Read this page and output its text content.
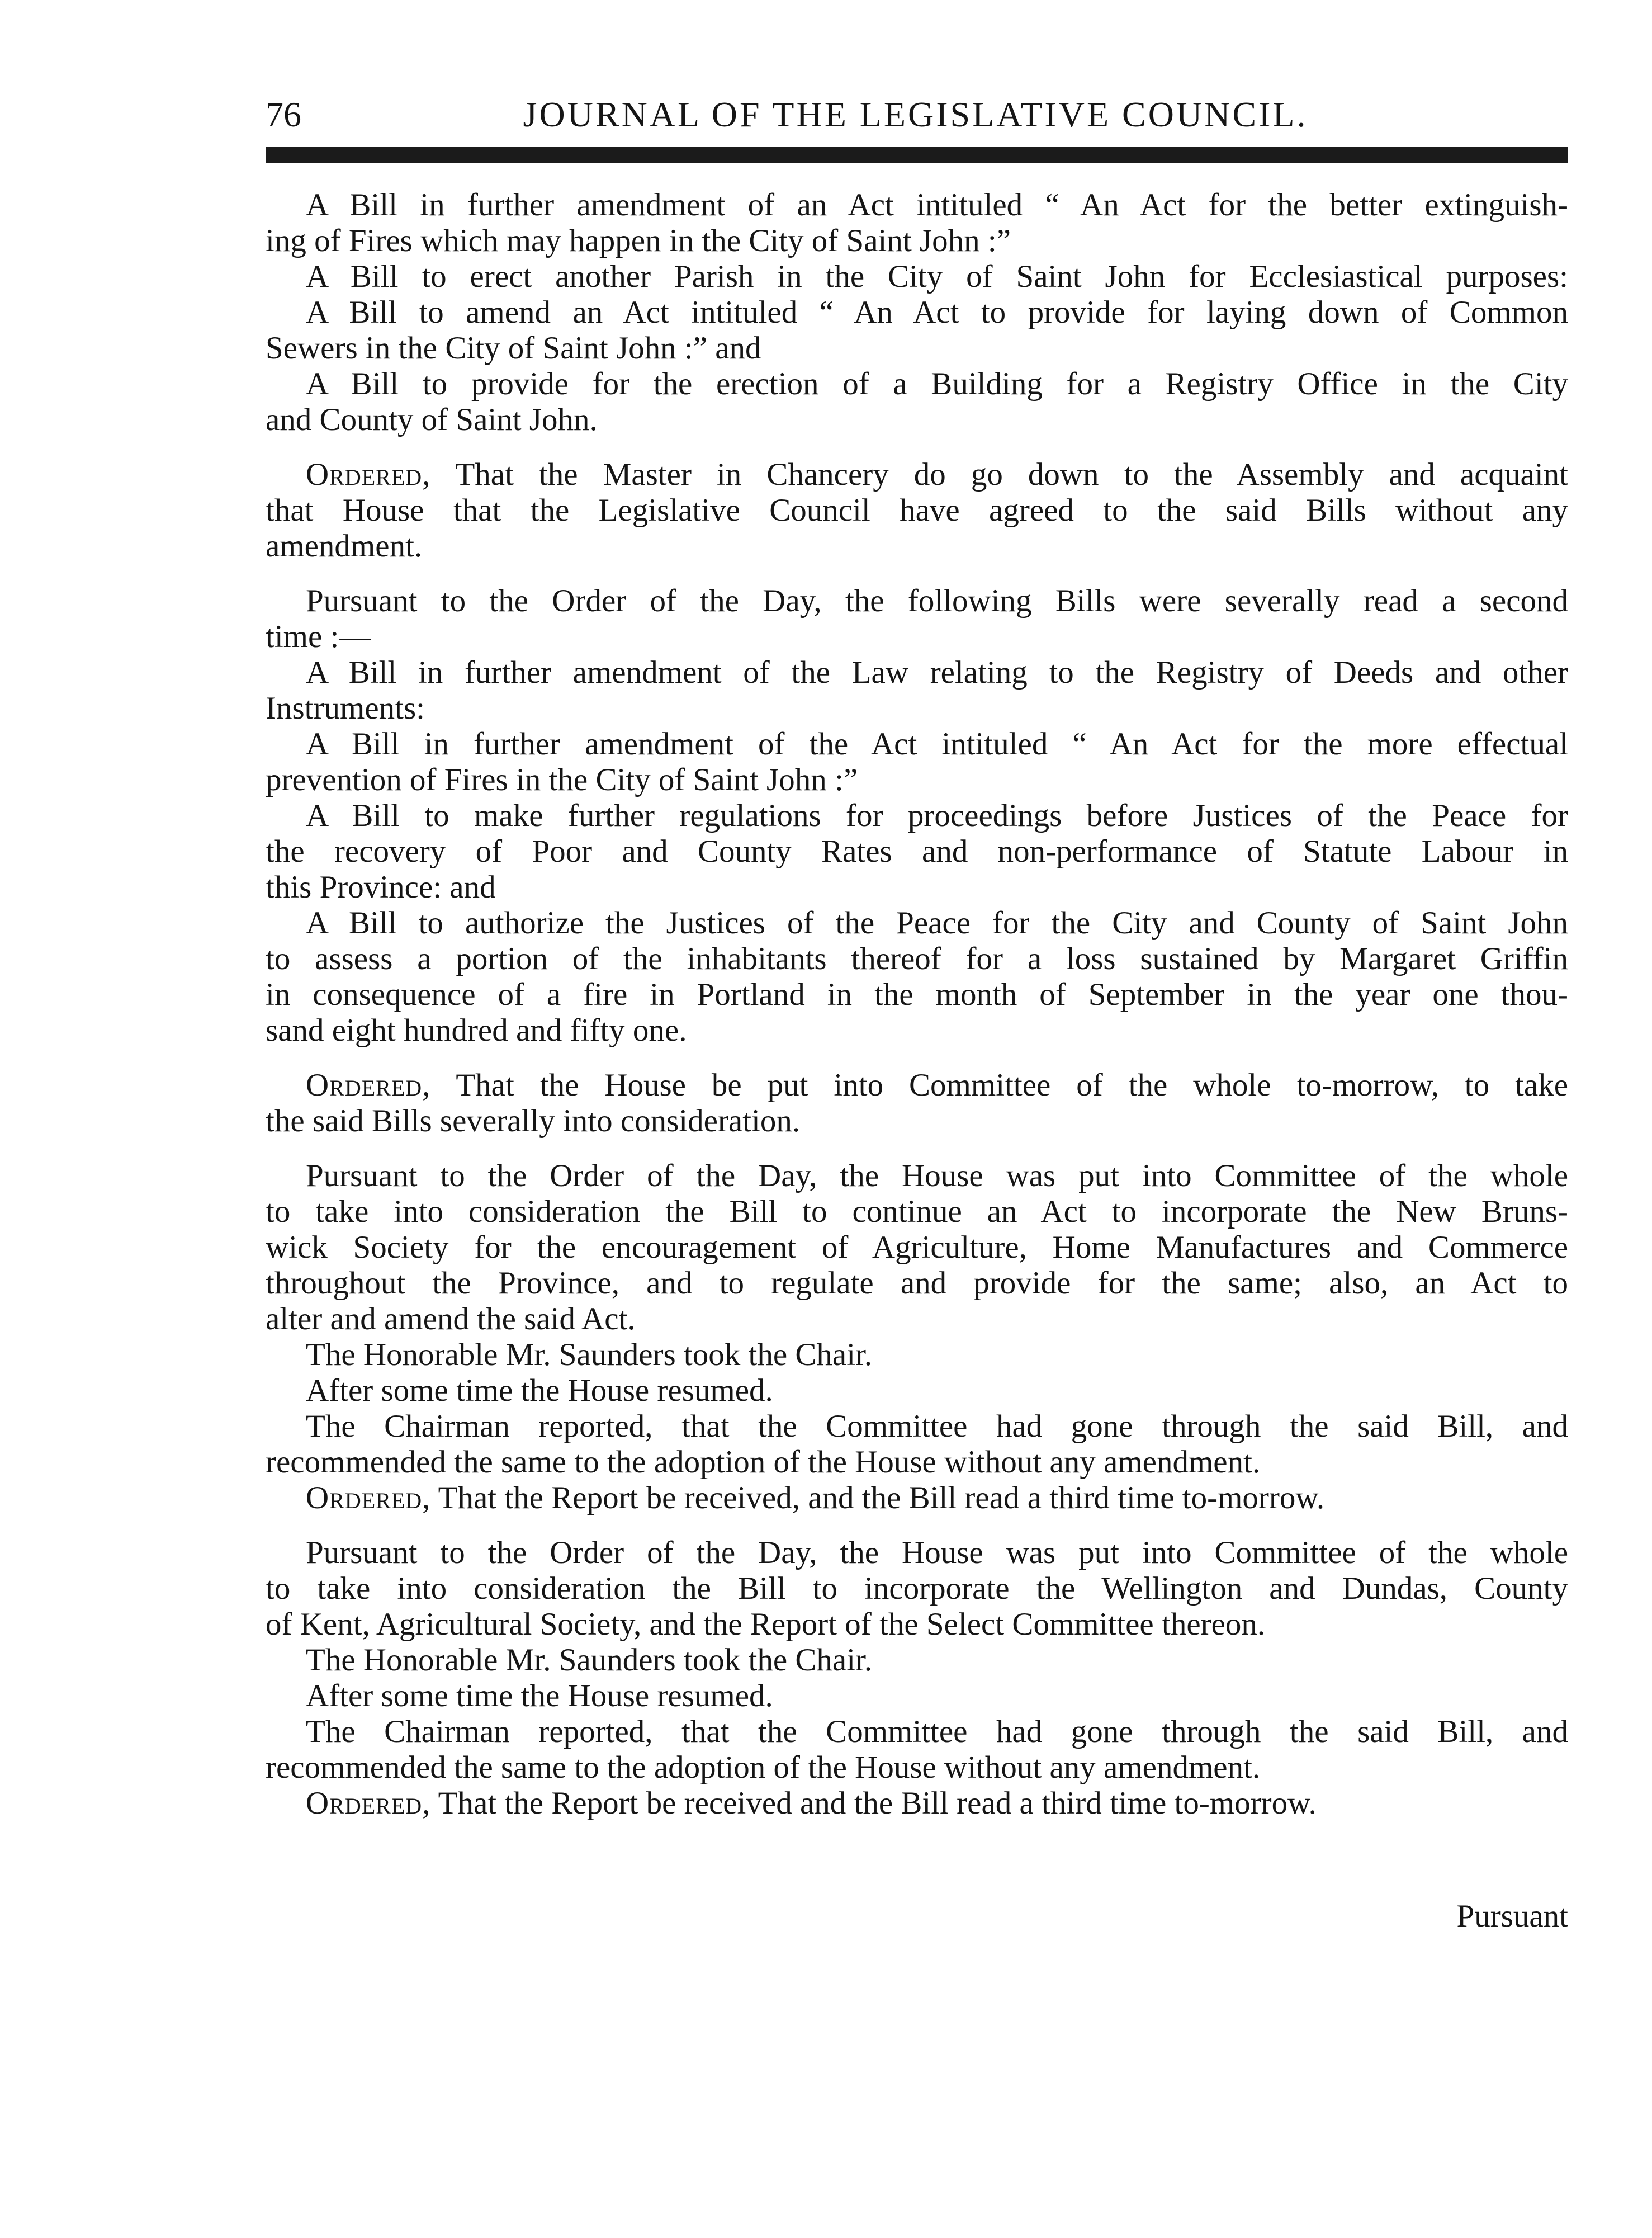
76	JOURNAL OF THE LEGISLATIVE COUNCIL.

A Bill in further amendment of an Act intituled “ An Act for the better extinguish-

ing of Fires which may happen in the City of Saint John :”

A Bill to erect another Parish in the City of Saint John for Ecclesiastical purposes:

A Bill to amend an Act intituled “ An Act to provide for laying down of Common

Sewers in the City of Saint John :” and

A Bill to provide for the erection of a Building for a Registry Office in the City

and County of Saint John.

Ordered, That the Master in Chancery do go down to the Assembly and acquaint

that House that the Legislative Council have agreed to the said Bills without any

amendment.

Pursuant to the Order of the Day, the following Bills were severally read a second

time :—

A Bill in further amendment of the Law relating to the Registry of Deeds and other

Instruments:

A Bill in further amendment of the Act intituled “ An Act for the more effectual

prevention of Fires in the City of Saint John :”

A Bill to make further regulations for proceedings before Justices of the Peace for

the recovery of Poor and County Rates and non-performance of Statute Labour in

this Province: and

A Bill to authorize the Justices of the Peace for the City and County of Saint John

to assess a portion of the inhabitants thereof for a loss sustained by Margaret Griffin

in consequence of a fire in Portland in the month of September in the year one thou-

sand eight hundred and fifty one.

Ordered, That the House be put into Committee of the whole to-morrow, to take

the said Bills severally into consideration.

Pursuant to the Order of the Day, the House was put into Committee of the whole

to take into consideration the Bill to continue an Act to incorporate the New Bruns-

wick Society for the encouragement of Agriculture, Home Manufactures and Commerce

throughout the Province, and to regulate and provide for the same; also, an Act to

alter and amend the said Act.

The Honorable Mr. Saunders took the Chair.

After some time the House resumed.

The Chairman reported, that the Committee had gone through the said Bill, and

recommended the same to the adoption of the House without any amendment.

Ordered, That the Report be received, and the Bill read a third time to-morrow.

Pursuant to the Order of the Day, the House was put into Committee of the whole

to take into consideration the Bill to incorporate the Wellington and Dundas, County

of Kent, Agricultural Society, and the Report of the Select Committee thereon.

The Honorable Mr. Saunders took the Chair.

After some time the House resumed.

The Chairman reported, that the Committee had gone through the said Bill, and

recommended the same to the adoption of the House without any amendment.

Ordered, That the Report be received and the Bill read a third time to-morrow.

Pursuant
